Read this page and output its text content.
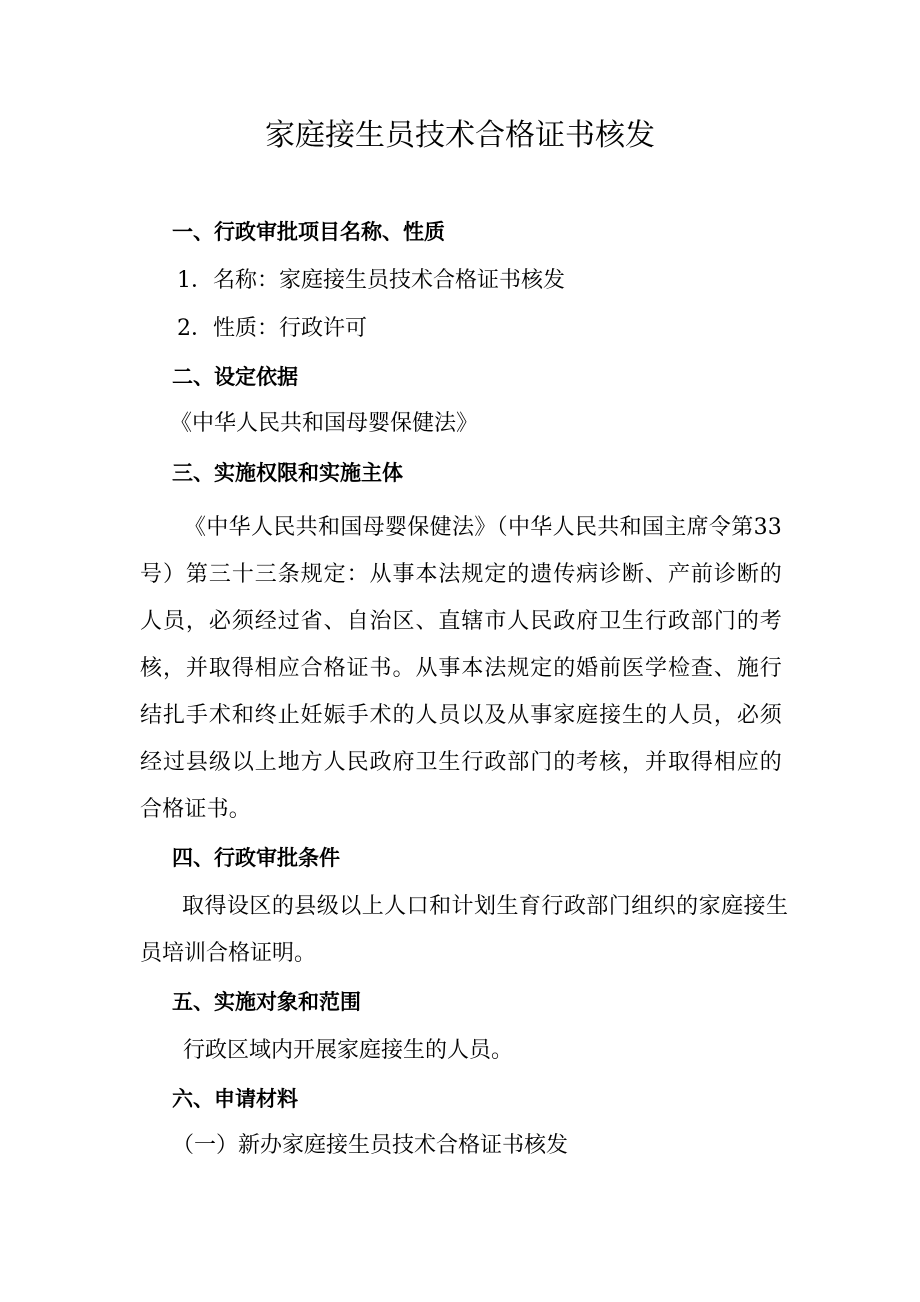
家庭接生员技术合格证书核发
一、行政审批项目名称、性质
1．名称：家庭接生员技术合格证书核发
2．性质：行政许可
二、设定依据
《中华人民共和国母婴保健法》
三、实施权限和实施主体
《中华人民共和国母婴保健法》（中华人民共和国主席令第33号）第三十三条规定：从事本法规定的遗传病诊断、产前诊断的人员，必须经过省、自治区、直辖市人民政府卫生行政部门的考核，并取得相应合格证书。从事本法规定的婚前医学检查、施行结扎手术和终止妊娠手术的人员以及从事家庭接生的人员，必须经过县级以上地方人民政府卫生行政部门的考核，并取得相应的合格证书。
四、行政审批条件
取得设区的县级以上人口和计划生育行政部门组织的家庭接生员培训合格证明。
五、实施对象和范围
行政区域内开展家庭接生的人员。
六、申请材料
（一）新办家庭接生员技术合格证书核发
